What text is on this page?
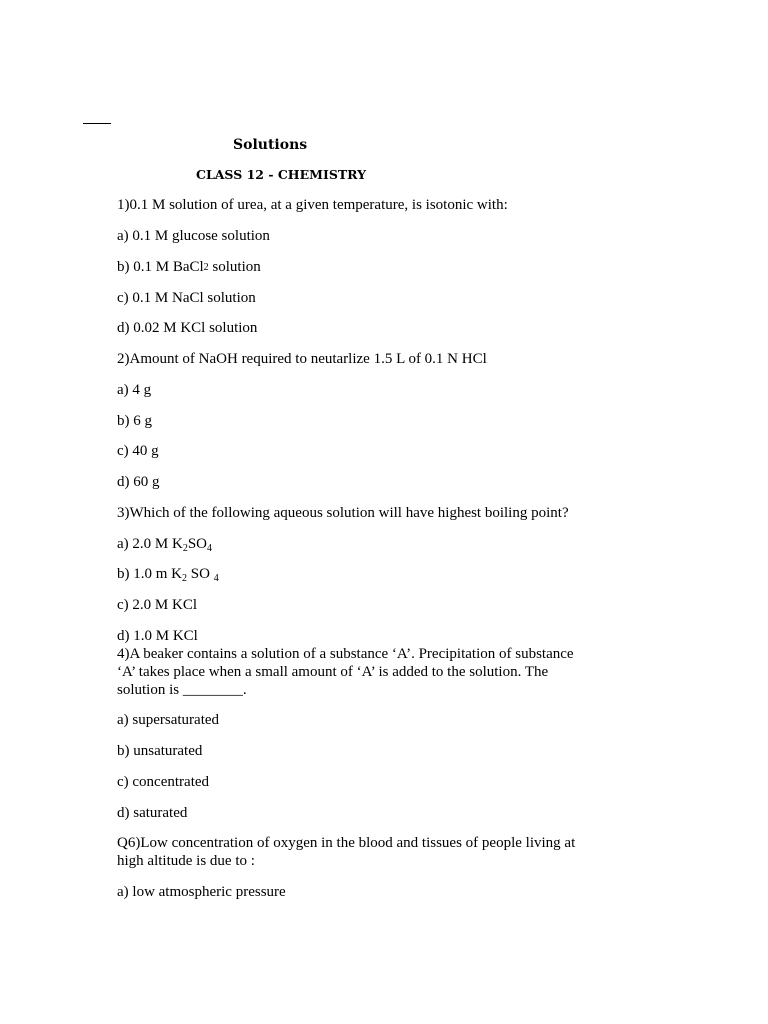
Solutions
CLASS 12 - CHEMISTRY
1)0.1 M solution of urea, at a given temperature, is isotonic with:
a) 0.1 M glucose solution
b) 0.1 M BaCl2 solution
c) 0.1 M NaCl solution
d) 0.02 M KCl solution
2)Amount of NaOH required to neutarlize 1.5 L of 0.1 N HCl
a) 4 g
b) 6 g
c) 40 g
d) 60 g
3)Which of the following aqueous solution will have highest boiling point?
a) 2.0 M $K_2SO_4$
b) 1.0 m $K_2$ SO $_4$
c) 2.0 M KCl
d) 1.0 M KCl
4)A beaker contains a solution of a substance ‘A’. Precipitation of substance ‘A’ takes place when a small amount of ‘A’ is added to the solution. The solution is ________.
a) supersaturated
b) unsaturated
c) concentrated
d) saturated
Q6)Low concentration of oxygen in the blood and tissues of people living at high altitude is due to :
a) low atmospheric pressure
